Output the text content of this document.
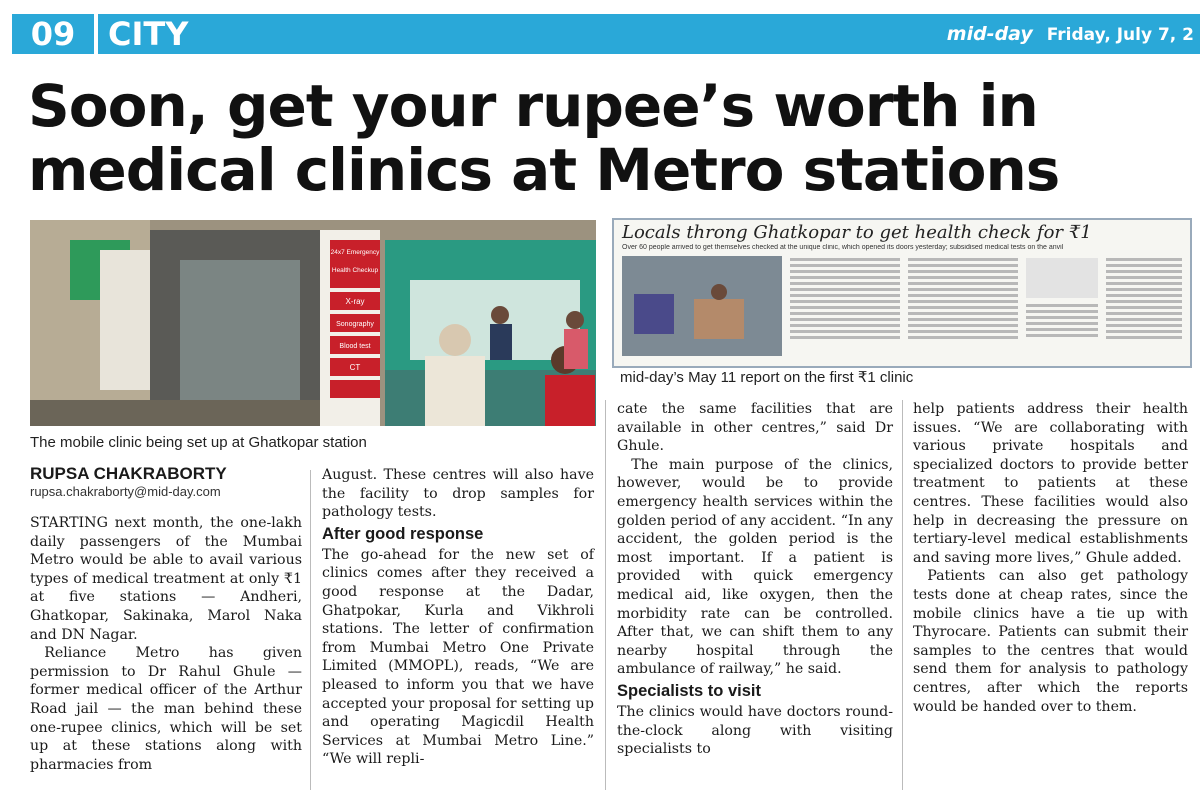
09	CITY	mid-day Friday, July 7, 2
Soon, get your rupee’s worth in medical clinics at Metro stations
24x7 Emergency
Health Checkup
X-ray
Sonography
Blood test
CT
The mobile clinic being set up at Ghatkopar station
Locals throng Ghatkopar to get health check for ₹1
Over 60 people arrived to get themselves checked at the unique clinic, which opened its doors yesterday; subsidised medical tests on the anvil
mid-day’s May 11 report on the first ₹1 clinic
RUPSA CHAKRABORTY
rupsa.chakraborty@mid-day.com

STARTING next month, the one-lakh daily passengers of the Mumbai Metro would be able to avail various types of medical treatment at only ₹1 at five stations — Andheri, Ghatkopar, Sakinaka, Marol Naka and DN Nagar.

Reliance Metro has given permission to Dr Rahul Ghule — former medical officer of the Arthur Road jail — the man behind these one-rupee clinics, which will be set up at these stations along with pharmacies from

August. These centres will also have the facility to drop samples for pathology tests.

After good response

The go-ahead for the new set of clinics comes after they received a good response at the Dadar, Ghatpokar, Kurla and Vikhroli stations. The letter of confirmation from Mumbai Metro One Private Limited (MMOPL), reads, “We are pleased to inform you that we have accepted your proposal for setting up and operating Magicdil Health Services at Mumbai Metro Line.” “We will repli-

cate the same facilities that are available in other centres,” said Dr Ghule.

The main purpose of the clinics, however, would be to provide emergency health services within the golden period of any accident. “In any accident, the golden period is the most important. If a patient is provided with quick emergency medical aid, like oxygen, then the morbidity rate can be controlled. After that, we can shift them to any nearby hospital through the ambulance of railway,” he said.

Specialists to visit

The clinics would have doctors round-the-clock along with visiting specialists to

help patients address their health issues. “We are collaborating with various private hospitals and specialized doctors to provide better treatment to patients at these centres. These facilities would also help in decreasing the pressure on tertiary-level medical establishments and saving more lives,” Ghule added.

Patients can also get pathology tests done at cheap rates, since the mobile clinics have a tie up with Thyrocare. Patients can submit their samples to the centres that would send them for analysis to pathology centres, after which the reports would be handed over to them.
